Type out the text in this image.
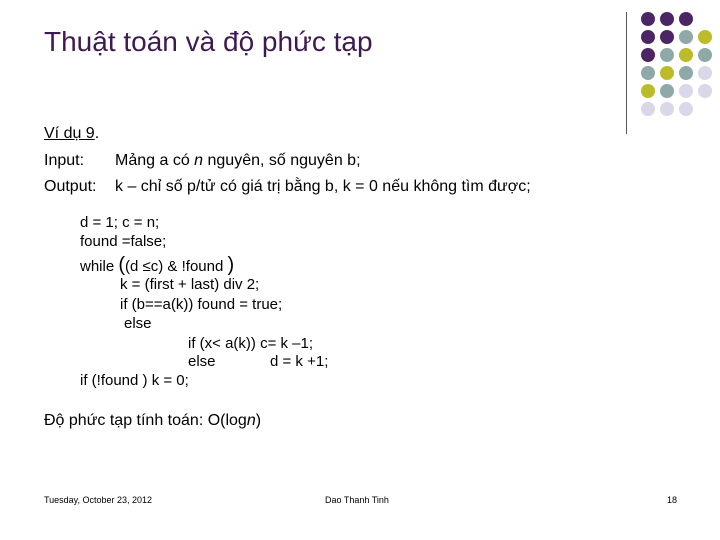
Thuật toán và độ phức tạp
Ví dụ 9.
Input: Mảng a có n nguyên, số nguyên b;
Output: k – chỉ số p/tử có giá trị bằng b, k = 0 nếu không tìm được;
d = 1; c = n;
found =false;
while ((d ≤c) & !found )
k = (first + last) div 2;
if (b==a(k)) found = true;
else
if (x< a(k)) c= k –1;
else	d = k +1;
if (!found ) k = 0;
Độ phức tạp tính toán: O(logn)
Tuesday, October 23, 2012	Dao Thanh Tinh	18
